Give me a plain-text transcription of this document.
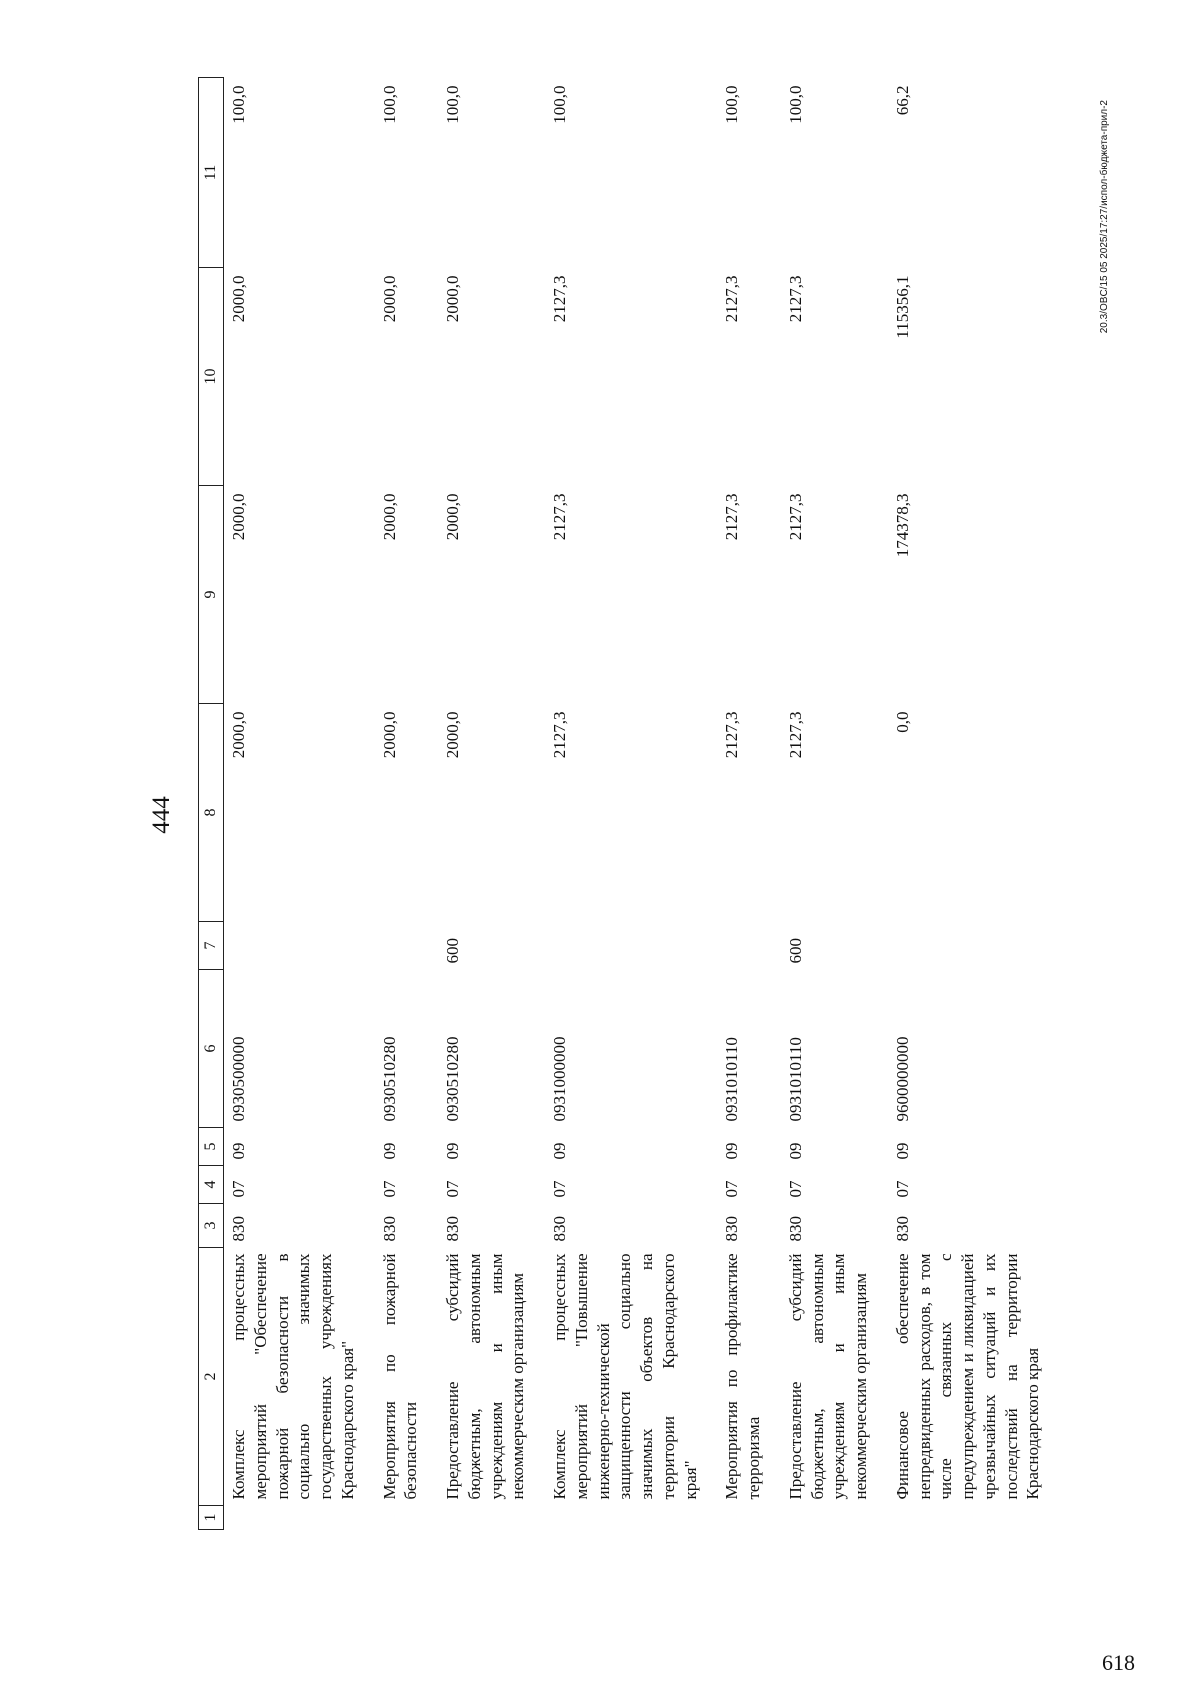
444
1	2	3	4	5	6	7	8	9	10	11
	Комплекс процессных мероприятий "Обеспечение пожарной безопасности в социально значимых государственных учреждениях Краснодарского края"	830	07	09	0930500000		2000,0	2000,0	2000,0	100,0
	Мероприятия по пожарной безопасности	830	07	09	0930510280		2000,0	2000,0	2000,0	100,0
	Предоставление субсидий бюджетным, автономным учреждениям и иным некоммерческим организациям	830	07	09	0930510280	600	2000,0	2000,0	2000,0	100,0
	Комплекс процессных мероприятий "Повышение инженерно-технической защищенности социально значимых объектов на территории Краснодарского края"	830	07	09	0931000000		2127,3	2127,3	2127,3	100,0
	Мероприятия по профилактике терроризма	830	07	09	0931010110		2127,3	2127,3	2127,3	100,0
	Предоставление субсидий бюджетным, автономным учреждениям и иным некоммерческим организациям	830	07	09	0931010110	600	2127,3	2127,3	2127,3	100,0
	Финансовое обеспечение непредвиденных расходов, в том числе связанных с предупреждением и ликвидацией чрезвычайных ситуаций и их последствий на территории Краснодарского края	830	07	09	9600000000		0,0	174378,3	115356,1	66,2	20.3/OBC/15 05 2025/17:27/испол-бюджета-прил-2
618
